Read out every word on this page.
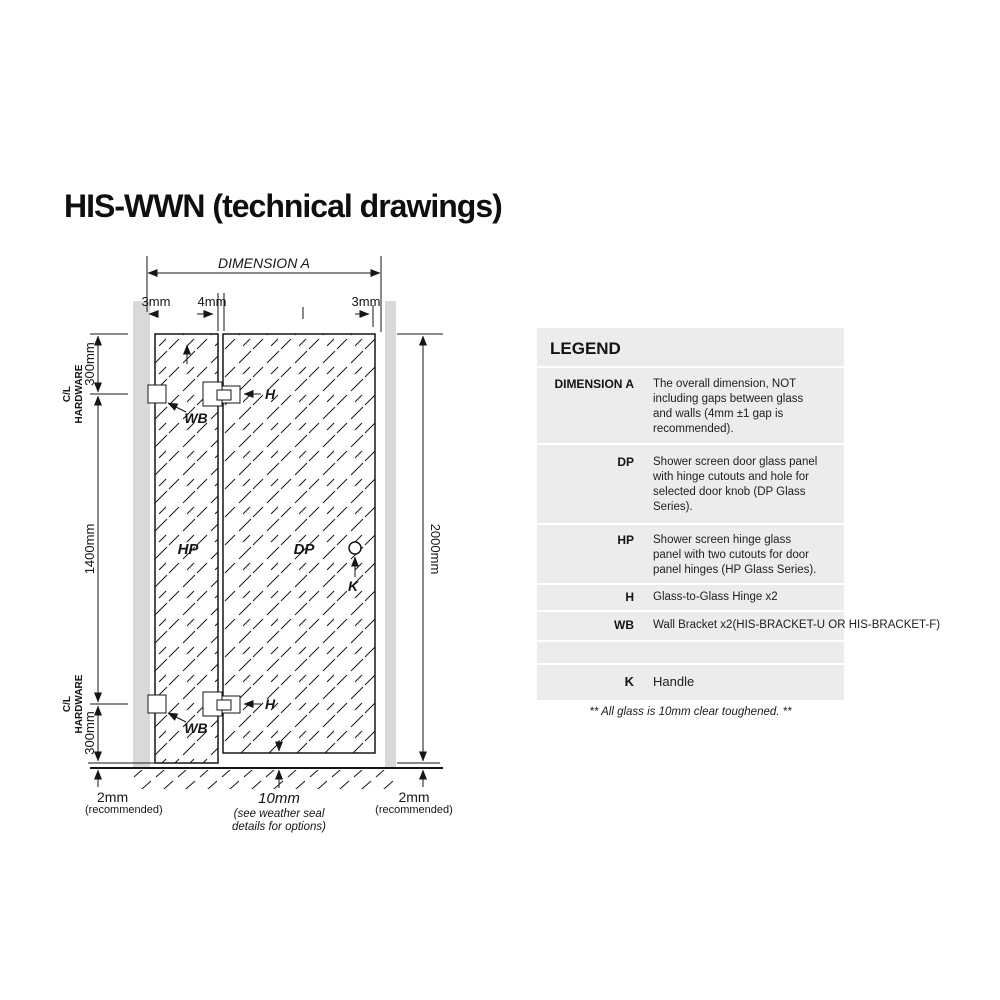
HIS-WWN (technical drawings)
DIMENSION A
3mm 4mm	3mm
300mm
1400mm
300mm
C/L HARDWARE
C/L HARDWARE
2000mm
H
H
WB
WB
HP	DP
K
10mm
(see weather seal
details for options)
2mm
(recommended)
2mm
(recommended)
LEGEND
DIMENSION A The overall dimension, NOT including gaps between glass and walls (4mm ±1 gap is recommended).
DP Shower screen door glass panel with hinge cutouts and hole for selected door knob (DP Glass Series).
HP Shower screen hinge glass panel with two cutouts for door panel hinges (HP Glass Series).
H Glass-to-Glass Hinge x2
WB Wall Bracket x2(HIS-BRACKET-U OR HIS-BRACKET-F)
K Handle
** All glass is 10mm clear toughened. **
